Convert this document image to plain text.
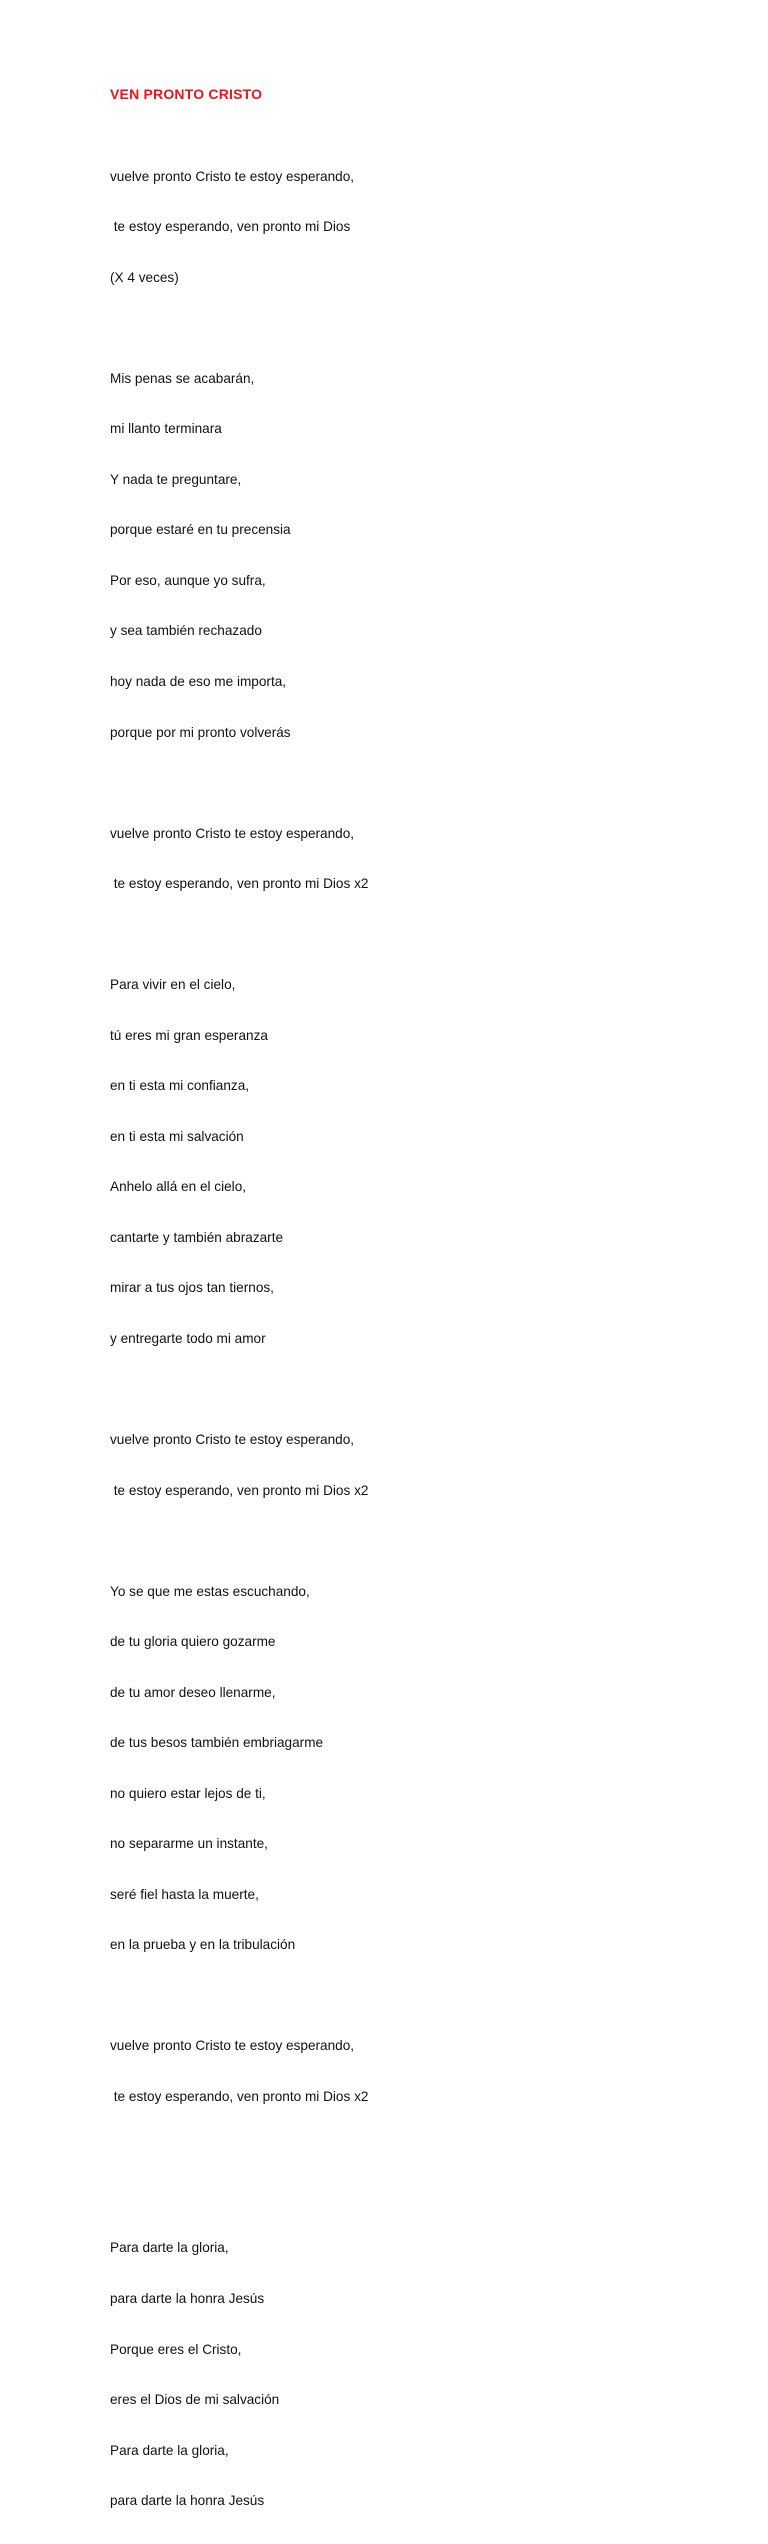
VEN PRONTO CRISTO

vuelve pronto Cristo te estoy esperando,

te estoy esperando, ven pronto mi Dios

(X 4 veces)

Mis penas se acabarán,

mi llanto terminara

Y nada te preguntare,

porque estaré en tu precensia

Por eso, aunque yo sufra,

y sea también rechazado

hoy nada de eso me importa,

porque por mi pronto volverás

vuelve pronto Cristo te estoy esperando,

te estoy esperando, ven pronto mi Dios x2

Para vivir en el cielo,

tú eres mi gran esperanza

en ti esta mi confianza,

en ti esta mi salvación

Anhelo allá en el cielo,

cantarte y también abrazarte

mirar a tus ojos tan tiernos,

y entregarte todo mi amor

vuelve pronto Cristo te estoy esperando,

te estoy esperando, ven pronto mi Dios x2

Yo se que me estas escuchando,

de tu gloria quiero gozarme

de tu amor deseo llenarme,

de tus besos también embriagarme

no quiero estar lejos de ti,

no separarme un instante,

seré fiel hasta la muerte,

en la prueba y en la tribulación

vuelve pronto Cristo te estoy esperando,

te estoy esperando, ven pronto mi Dios x2

Para darte la gloria,

para darte la honra Jesús

Porque eres el Cristo,

eres el Dios de mi salvación

Para darte la gloria,

para darte la honra Jesús
